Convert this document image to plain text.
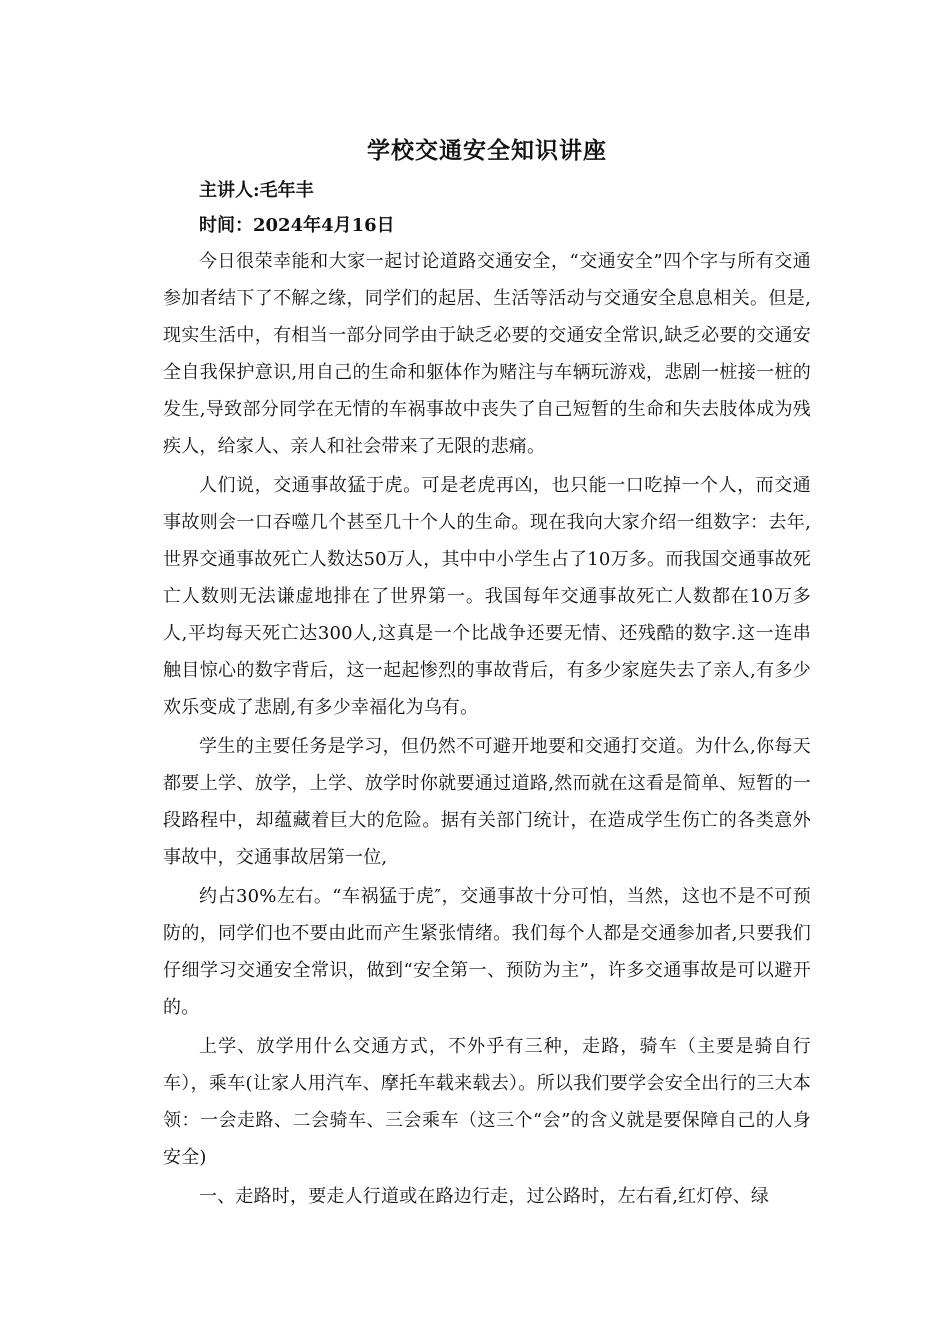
学校交通安全知识讲座

主讲人:毛年丰

时间：2024年4月16日

今日很荣幸能和大家一起讨论道路交通安全，“交通安全”四个字与所有交通参加者结下了不解之缘，同学们的起居、生活等活动与交通安全息息相关。但是,现实生活中，有相当一部分同学由于缺乏必要的交通安全常识,缺乏必要的交通安全自我保护意识,用自己的生命和躯体作为赌注与车辆玩游戏，悲剧一桩接一桩的发生,导致部分同学在无情的车祸事故中丧失了自己短暂的生命和失去肢体成为残疾人，给家人、亲人和社会带来了无限的悲痛。

人们说，交通事故猛于虎。可是老虎再凶，也只能一口吃掉一个人，而交通事故则会一口吞噬几个甚至几十个人的生命。现在我向大家介绍一组数字：去年,世界交通事故死亡人数达50万人，其中中小学生占了10万多。而我国交通事故死亡人数则无法谦虚地排在了世界第一。我国每年交通事故死亡人数都在10万多人,平均每天死亡达300人,这真是一个比战争还要无情、还残酷的数字.这一连串触目惊心的数字背后，这一起起惨烈的事故背后，有多少家庭失去了亲人,有多少欢乐变成了悲剧,有多少幸福化为乌有。

学生的主要任务是学习，但仍然不可避开地要和交通打交道。为什么,你每天都要上学、放学，上学、放学时你就要通过道路,然而就在这看是简单、短暂的一段路程中，却蕴藏着巨大的危险。据有关部门统计，在造成学生伤亡的各类意外事故中，交通事故居第一位,

约占30%左右。“车祸猛于虎″，交通事故十分可怕，当然，这也不是不可预防的，同学们也不要由此而产生紧张情绪。我们每个人都是交通参加者,只要我们仔细学习交通安全常识，做到“安全第一、预防为主”，许多交通事故是可以避开的。

上学、放学用什么交通方式，不外乎有三种，走路，骑车（主要是骑自行车），乘车(让家人用汽车、摩托车载来载去）。所以我们要学会安全出行的三大本领：一会走路、二会骑车、三会乘车（这三个“会”的含义就是要保障自己的人身安全)

一、走路时，要走人行道或在路边行走，过公路时，左右看,红灯停、绿
